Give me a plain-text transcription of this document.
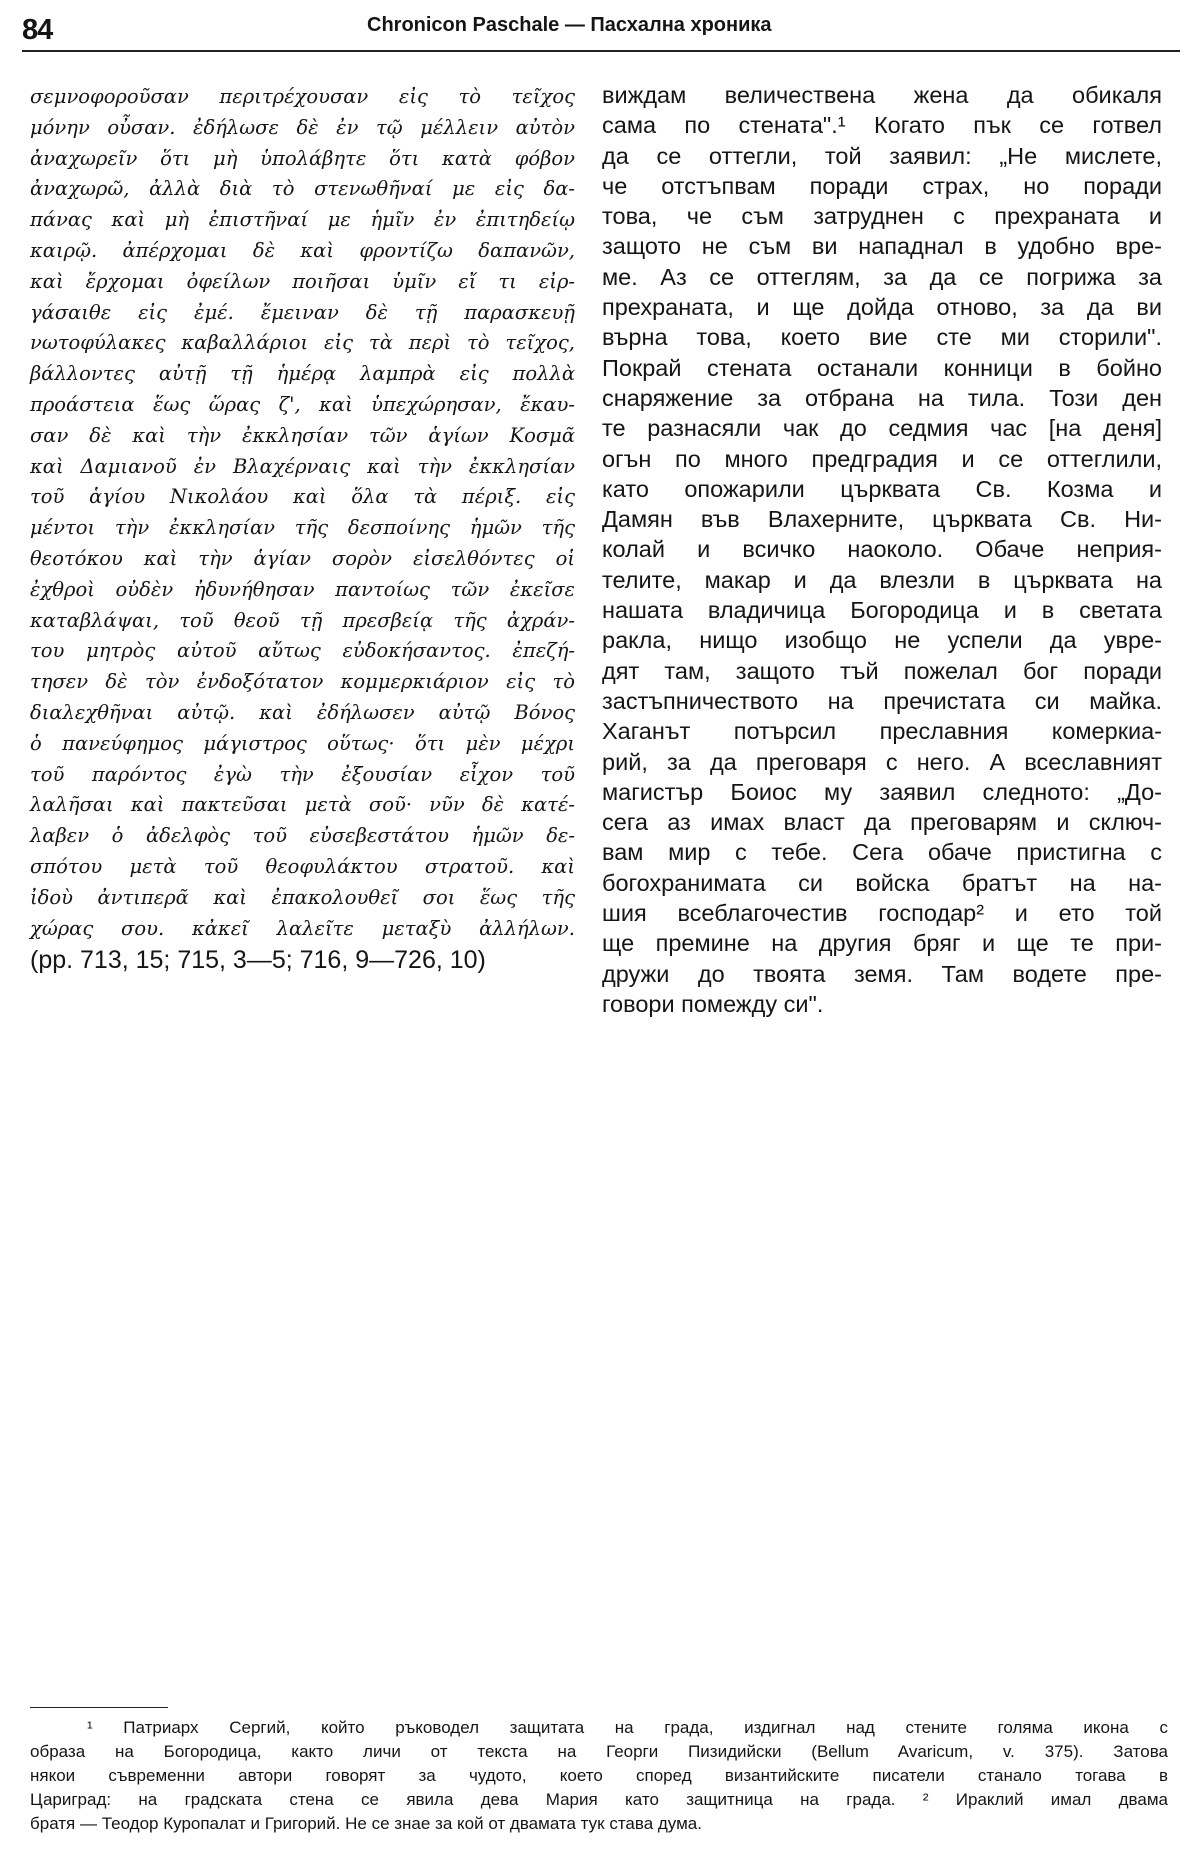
84	Chronicon Paschale — Пасхална хроника
σεμνοφοροῦσαν περιτρέχουσαν εἰς τὸ τεῖχος
μόνην οὖσαν. ἐδήλωσε δὲ ἐν τῷ μέλλειν αὐτὸν
ἀναχωρεῖν ὅτι μὴ ὑπολάβητε ὅτι κατὰ φόβον
ἀναχωρῶ, ἀλλὰ διὰ τὸ στενωθῆναί με εἰς δα-
πάνας καὶ μὴ ἐπιστῆναί με ἡμῖν ἐν ἐπιτηδείῳ
καιρῷ. ἀπέρχομαι δὲ καὶ φροντίζω δαπανῶν,
καὶ ἔρχομαι ὀφείλων ποιῆσαι ὑμῖν εἴ τι εἰρ-
γάσαιθε εἰς ἐμέ. ἔμειναν δὲ τῇ παρασκευῇ
νωτοφύλακες καβαλλάριοι εἰς τὰ περὶ τὸ τεῖχος,
βάλλοντες αὐτῇ τῇ ἡμέρᾳ λαμπρὰ εἰς πολλὰ
προάστεια ἕως ὥρας ζ', καὶ ὑπεχώρησαν, ἔκαυ-
σαν δὲ καὶ τὴν ἐκκλησίαν τῶν ἁγίων Κοσμᾶ
καὶ Δαμιανοῦ ἐν Βλαχέρναις καὶ τὴν ἐκκλησίαν
τοῦ ἁγίου Νικολάου καὶ ὅλα τὰ πέριξ. εἰς
μέντοι τὴν ἐκκλησίαν τῆς δεσποίνης ἡμῶν τῆς
θεοτόκου καὶ τὴν ἁγίαν σορὸν εἰσελθόντες οἱ
ἐχθροὶ οὐδὲν ἠδυνήθησαν παντοίως τῶν ἐκεῖσε
καταβλάψαι, τοῦ θεοῦ τῇ πρεσβείᾳ τῆς ἀχράν-
του μητρὸς αὐτοῦ αὔτως εὐδοκήσαντος. ἐπεζή-
τησεν δὲ τὸν ἐνδοξότατον κομμερκιάριον εἰς τὸ
διαλεχθῆναι αὐτῷ. καὶ ἐδήλωσεν αὐτῷ Βόνος
ὁ πανεύφημος μάγιστρος οὕτως· ὅτι μὲν μέχρι
τοῦ παρόντος ἐγὼ τὴν ἐξουσίαν εἶχον τοῦ
λαλῆσαι καὶ πακτεῦσαι μετὰ σοῦ· νῦν δὲ κατέ-
λαβεν ὁ ἀδελφὸς τοῦ εὐσεβεστάτου ἡμῶν δε-
σπότου μετὰ τοῦ θεοφυλάκτου στρατοῦ. καὶ
ἰδοὺ ἀντιπερᾶ καὶ ἐπακολουθεῖ σοι ἕως τῆς
χώρας σου. κἀκεῖ λαλεῖτε μεταξὺ ἀλλήλων.
(pp. 713, 15; 715, 3—5; 716, 9—726, 10)
виждам величествена жена да обикаля
сама по стената".¹ Когато пък се готвел
да се оттегли, той заявил: „Не мислете,
че отстъпвам поради страх, но поради
това, че съм затруднен с прехраната и
защото не съм ви нападнал в удобно вре-
ме. Аз се оттеглям, за да се погрижа за
прехраната, и ще дойда отново, за да ви
върна това, което вие сте ми сторили".
Покрай стената останали конници в бойно
снаряжение за отбрана на тила. Този ден
те разнасяли чак до седмия час [на деня]
огън по много предградия и се оттеглили,
като опожарили църквата Св. Козма и
Дамян във Влахерните, църквата Св. Ни-
колай и всичко наоколо. Обаче неприя-
телите, макар и да влезли в църквата на
нашата владичица Богородица и в светата
ракла, нищо изобщо не успели да увре-
дят там, защото тъй пожелал бог поради
застъпничеството на пречистата си майка.
Хаганът потърсил преславния комеркиа-
рий, за да преговаря с него. А всеславният
магистър Боиос му заявил следното: „До-
сега аз имах власт да преговарям и сключ-
вам мир с тебе. Сега обаче пристигна с
богохранимата си войска братът на на-
шия всеблагочестив господар² и ето той
ще премине на другия бряг и ще те при-
дружи до твоята земя. Там водете пре-
говори помежду си".
¹ Патриарх Сергий, който ръководел защитата на града, издигнал над стените голяма икона с
образа на Богородица, както личи от текста на Георги Пизидийски (Bellum Avaricum, v. 375). Затова
някои съвременни автори говорят за чудото, което според византийските писатели станало тогава в
Цариград: на градската стена се явила дева Мария като защитница на града. ² Ираклий имал двама
братя — Теодор Куропалат и Григорий. Не се знае за кой от двамата тук става дума.
